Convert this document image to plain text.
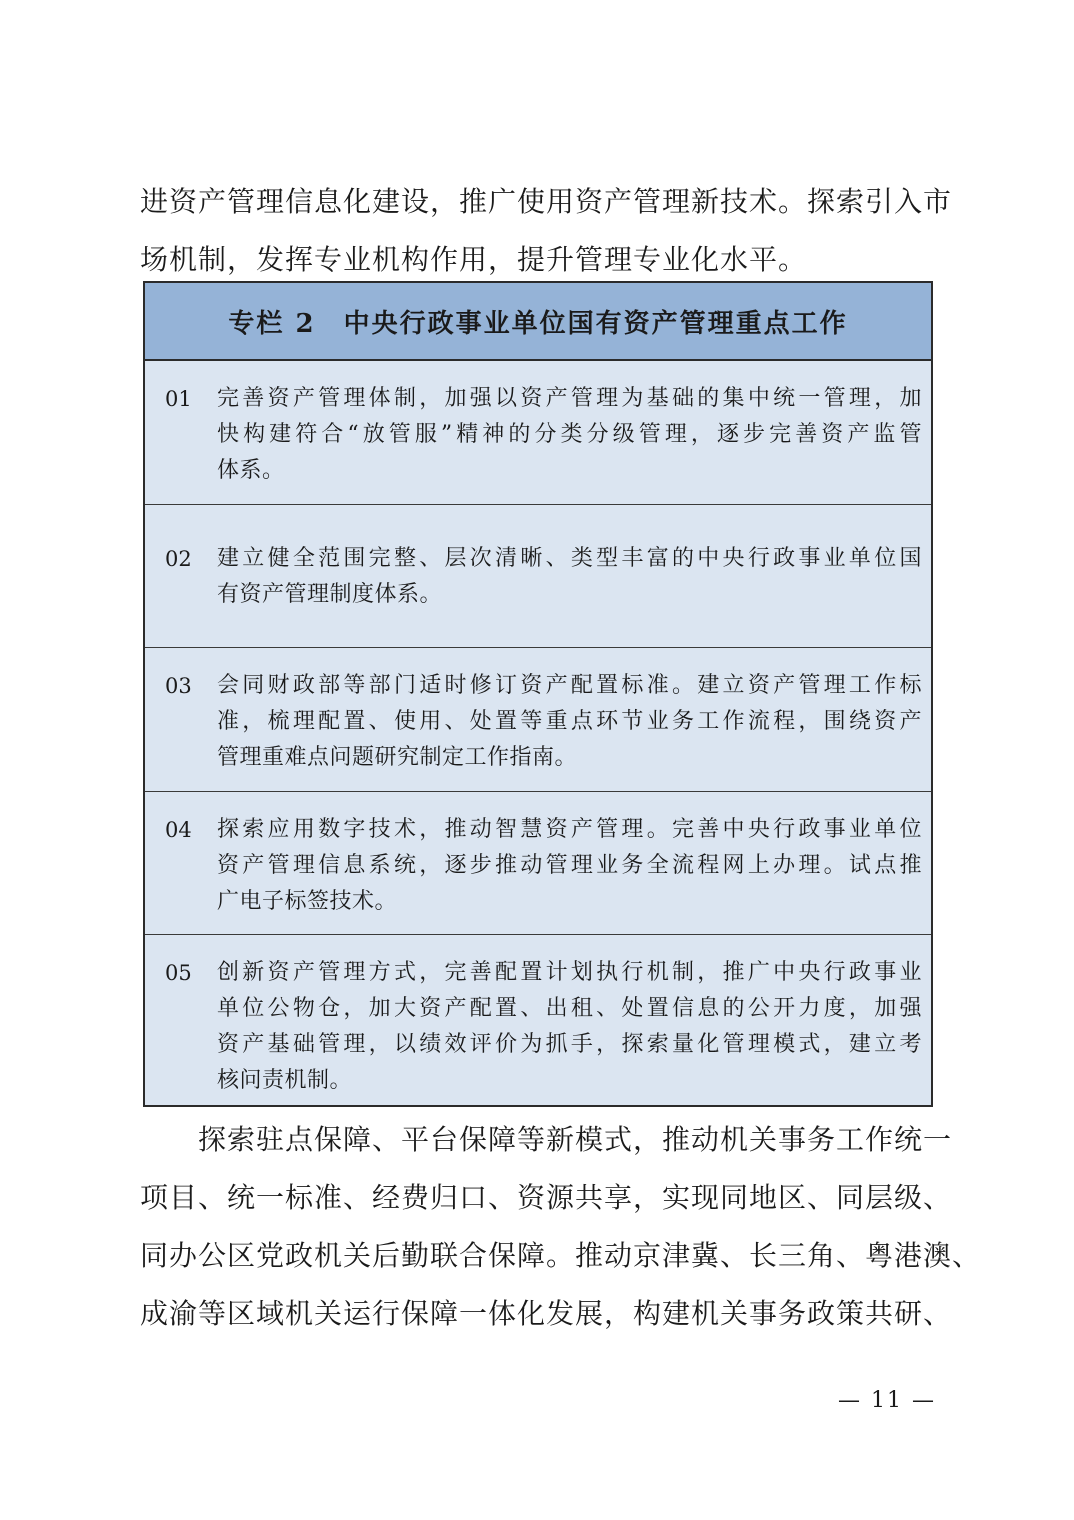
进资产管理信息化建设，推广使用资产管理新技术。探索引入市
场机制，发挥专业机构作用，提升管理专业化水平。
专栏 2　中央行政事业单位国有资产管理重点工作
01 完善资产管理体制，加强以资产管理为基础的集中统一管理，加
快构建符合“放管服”精神的分类分级管理，逐步完善资产监管
体系。
02 建立健全范围完整、层次清晰、类型丰富的中央行政事业单位国
有资产管理制度体系。
03 会同财政部等部门适时修订资产配置标准。建立资产管理工作标
准，梳理配置、使用、处置等重点环节业务工作流程，围绕资产
管理重难点问题研究制定工作指南。
04 探索应用数字技术，推动智慧资产管理。完善中央行政事业单位
资产管理信息系统，逐步推动管理业务全流程网上办理。试点推
广电子标签技术。
05 创新资产管理方式，完善配置计划执行机制，推广中央行政事业
单位公物仓，加大资产配置、出租、处置信息的公开力度，加强
资产基础管理，以绩效评价为抓手，探索量化管理模式，建立考
核问责机制。
　　探索驻点保障、平台保障等新模式，推动机关事务工作统一
项目、统一标准、经费归口、资源共享，实现同地区、同层级、
同办公区党政机关后勤联合保障。推动京津冀、长三角、粤港澳、
成渝等区域机关运行保障一体化发展，构建机关事务政策共研、
— 11 —
